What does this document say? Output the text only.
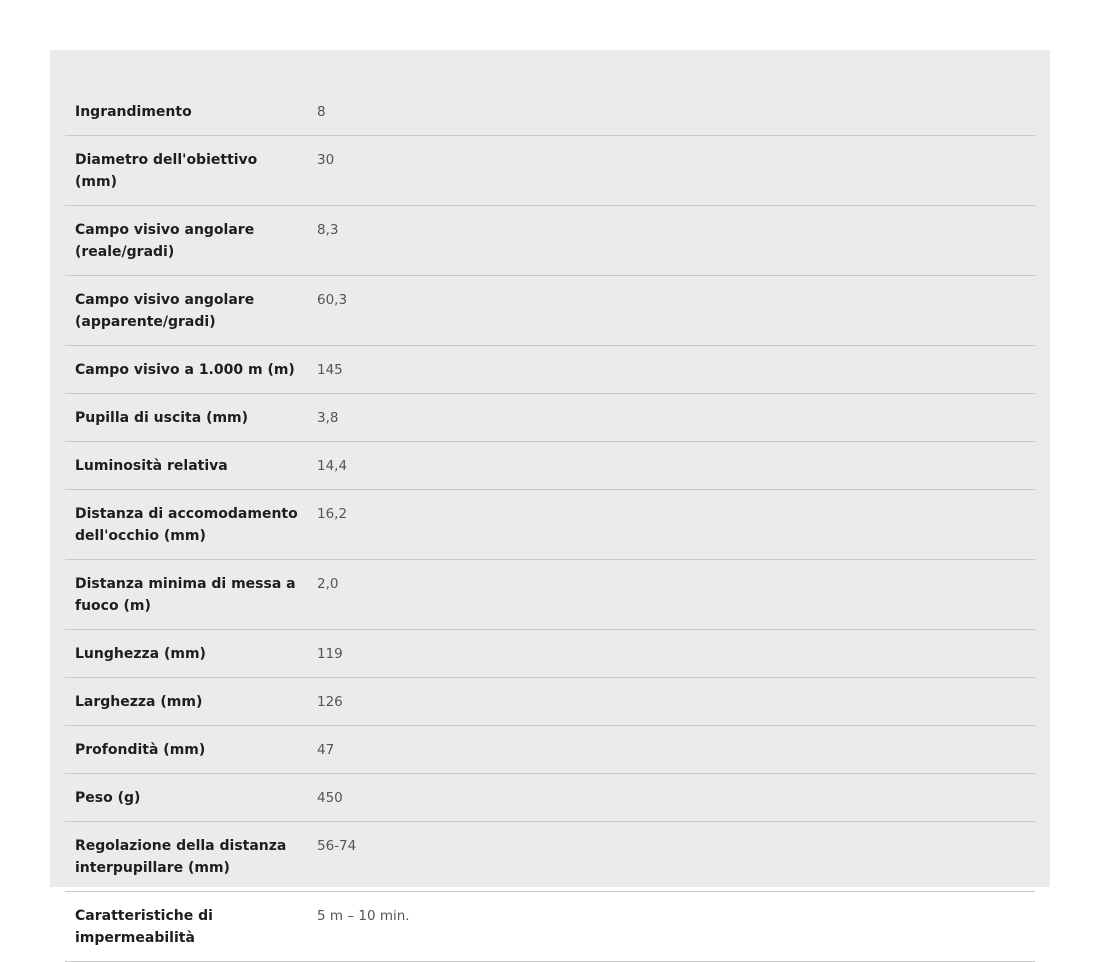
Ingrandimento	8
Diametro dell'obiettivo (mm)	30
Campo visivo angolare (reale/gradi)	8,3
Campo visivo angolare (apparente/gradi)	60,3
Campo visivo a 1.000 m (m)	145
Pupilla di uscita (mm)	3,8
Luminosità relativa	14,4
Distanza di accomodamento dell'occhio (mm)	16,2
Distanza minima di messa a fuoco (m)	2,0
Lunghezza (mm)	119
Larghezza (mm)	126
Profondità (mm)	47
Peso (g)	450
Regolazione della distanza interpupillare (mm)	56-74
Caratteristiche di impermeabilità	5 m – 10 min.
